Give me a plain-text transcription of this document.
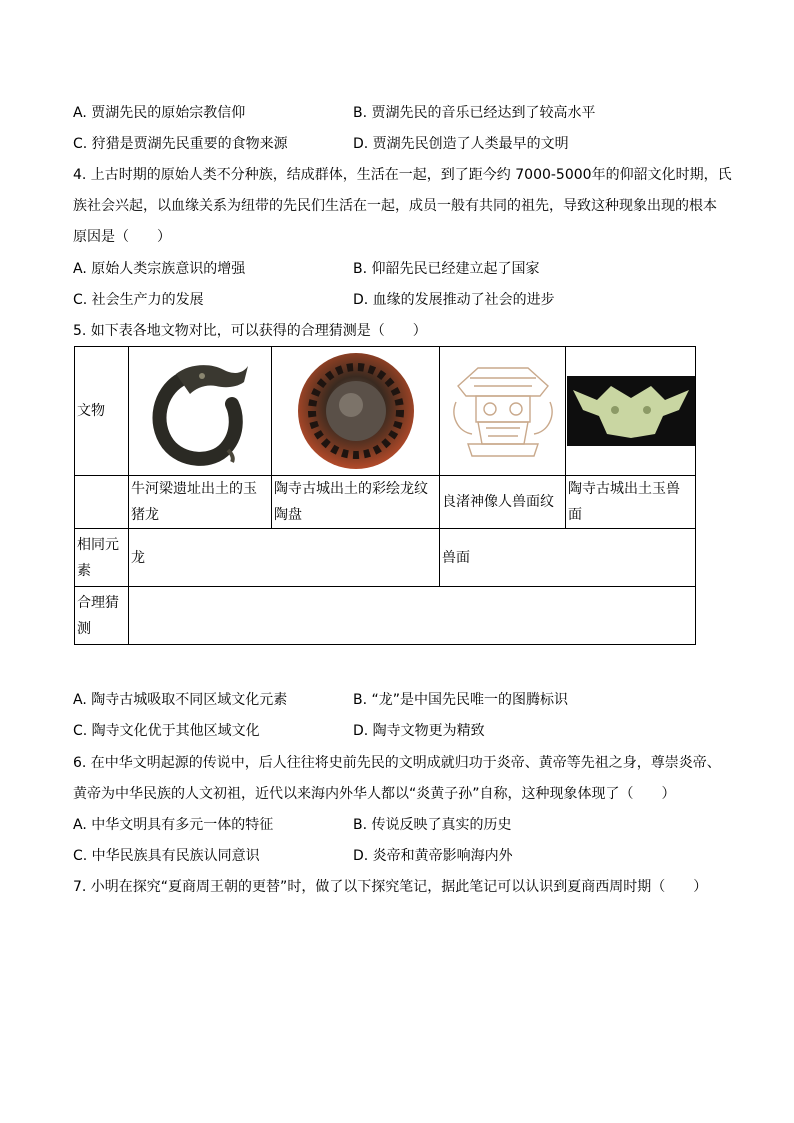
A. 贾湖先民的原始宗教信仰	B. 贾湖先民的音乐已经达到了较高水平
C. 狩猎是贾湖先民重要的食物来源	D. 贾湖先民创造了人类最早的文明
4. 上古时期的原始人类不分种族，结成群体，生活在一起，到了距今约 7000-5000年的仰韶文化时期，氏
族社会兴起，以血缘关系为纽带的先民们生活在一起，成员一般有共同的祖先，导致这种现象出现的根本
原因是（　　）
A. 原始人类宗族意识的增强	B. 仰韶先民已经建立起了国家
C. 社会生产力的发展	D. 血缘的发展推动了社会的进步
5. 如下表各地文物对比，可以获得的合理猜测是（　　）
文物	

	牛河梁遗址出土的玉猪龙	陶寺古城出土的彩绘龙纹陶盘	良渚神像人兽面纹	陶寺古城出土玉兽面
相同元素	龙		兽面	
合理猜测				
A. 陶寺古城吸取不同区域文化元素	B. “龙”是中国先民唯一的图腾标识
C. 陶寺文化优于其他区域文化	D. 陶寺文物更为精致
6. 在中华文明起源的传说中，后人往往将史前先民的文明成就归功于炎帝、黄帝等先祖之身，尊崇炎帝、
黄帝为中华民族的人文初祖，近代以来海内外华人都以“炎黄子孙”自称，这种现象体现了（　　）
A. 中华文明具有多元一体的特征	B. 传说反映了真实的历史
C. 中华民族具有民族认同意识	D. 炎帝和黄帝影响海内外
7. 小明在探究“夏商周王朝的更替”时，做了以下探究笔记，据此笔记可以认识到夏商西周时期（　　）
